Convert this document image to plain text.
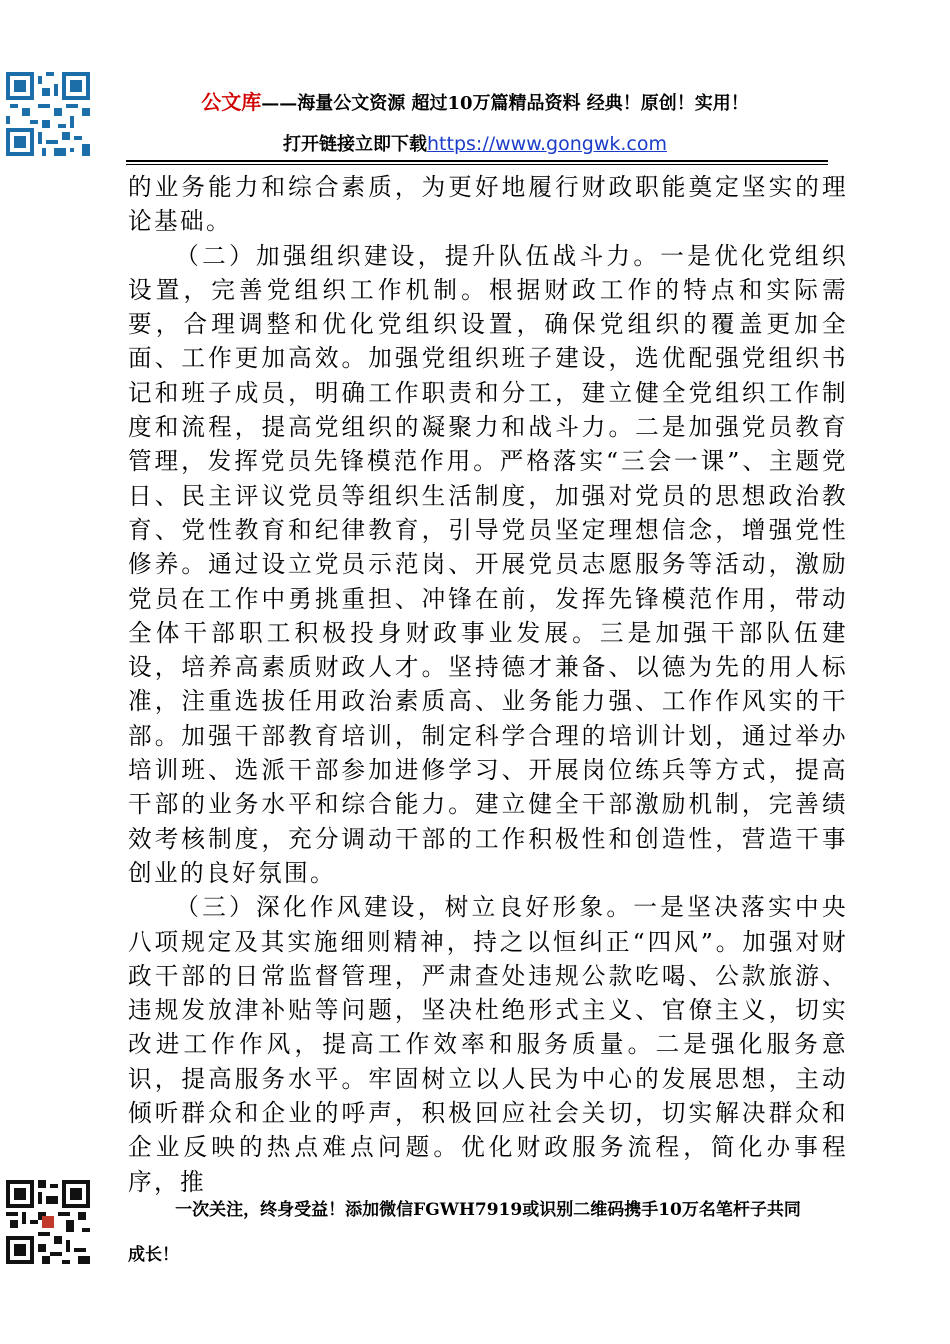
公文库——海量公文资源 超过10万篇精品资料 经典！原创！实用！
打开链接立即下载https://www.gongwk.com

的业务能力和综合素质，为更好地履行财政职能奠定坚实的理论基础。

（二）加强组织建设，提升队伍战斗力。一是优化党组织设置，完善党组织工作机制。根据财政工作的特点和实际需要，合理调整和优化党组织设置，确保党组织的覆盖更加全面、工作更加高效。加强党组织班子建设，选优配强党组织书记和班子成员，明确工作职责和分工，建立健全党组织工作制度和流程，提高党组织的凝聚力和战斗力。二是加强党员教育管理，发挥党员先锋模范作用。严格落实“三会一课”、主题党日、民主评议党员等组织生活制度，加强对党员的思想政治教育、党性教育和纪律教育，引导党员坚定理想信念，增强党性修养。通过设立党员示范岗、开展党员志愿服务等活动，激励党员在工作中勇挑重担、冲锋在前，发挥先锋模范作用，带动全体干部职工积极投身财政事业发展。三是加强干部队伍建设，培养高素质财政人才。坚持德才兼备、以德为先的用人标准，注重选拔任用政治素质高、业务能力强、工作作风实的干部。加强干部教育培训，制定科学合理的培训计划，通过举办培训班、选派干部参加进修学习、开展岗位练兵等方式，提高干部的业务水平和综合能力。建立健全干部激励机制，完善绩效考核制度，充分调动干部的工作积极性和创造性，营造干事创业的良好氛围。

（三）深化作风建设，树立良好形象。一是坚决落实中央八项规定及其实施细则精神，持之以恒纠正“四风”。加强对财政干部的日常监督管理，严肃查处违规公款吃喝、公款旅游、违规发放津补贴等问题，坚决杜绝形式主义、官僚主义，切实改进工作作风，提高工作效率和服务质量。二是强化服务意识，提高服务水平。牢固树立以人民为中心的发展思想，主动倾听群众和企业的呼声，积极回应社会关切，切实解决群众和企业反映的热点难点问题。优化财政服务流程，简化办事程序，推

一次关注，终身受益！添加微信FGWH7919或识别二维码携手10万名笔杆子共同
成长！
